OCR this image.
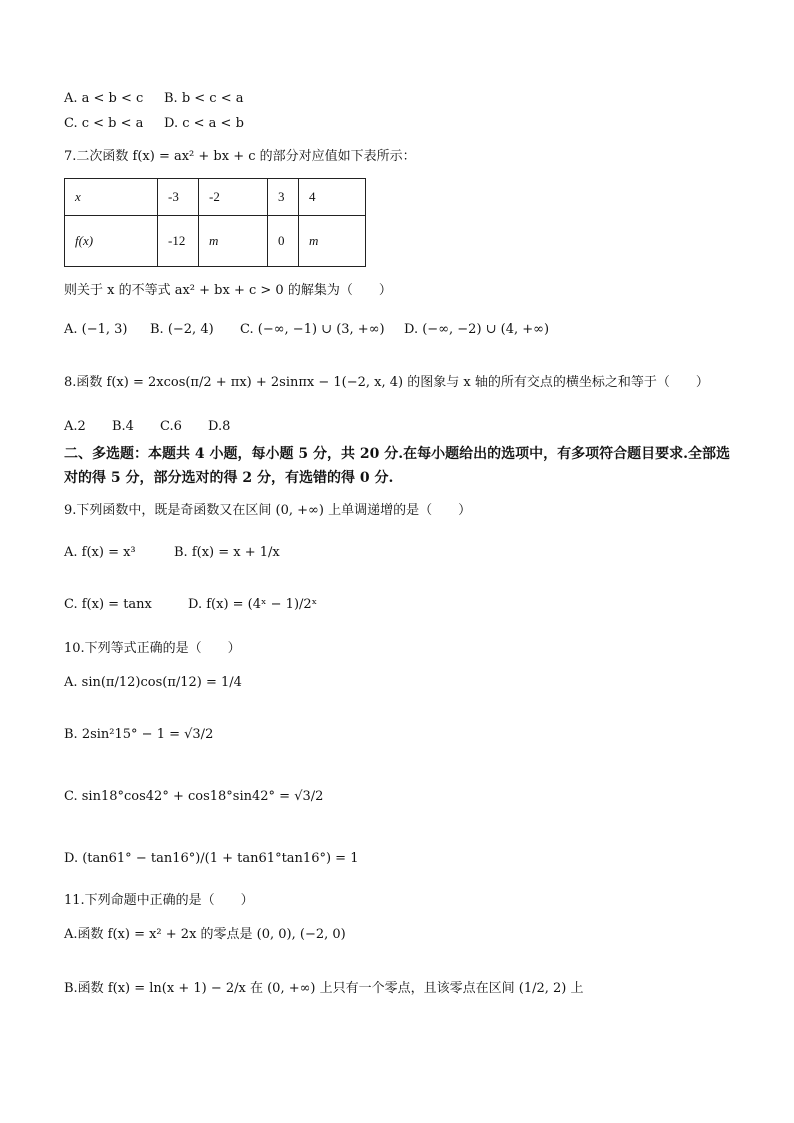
A. a < b < c B. b < c < a
C. c < b < a D. c < a < b
7.二次函数 f(x) = ax² + bx + c 的部分对应值如下表所示：
x	-3	-2	3	4
f(x)	-12	m	0	m
则关于 x 的不等式 ax² + bx + c > 0 的解集为（　　）
A. (−1, 3) B. (−2, 4) C. (−∞, −1) ∪ (3, +∞) D. (−∞, −2) ∪ (4, +∞)
8.函数 f(x) = 2xcos(π/2 + πx) + 2sinπx − 1(−2, x, 4) 的图象与 x 轴的所有交点的横坐标之和等于（　　）
A.2 B.4 C.6 D.8
二、多选题：本题共 4 小题，每小题 5 分，共 20 分.在每小题给出的选项中，有多项符合题目要求.全部选对的得 5 分，部分选对的得 2 分，有选错的得 0 分.
9.下列函数中，既是奇函数又在区间 (0, +∞) 上单调递增的是（　　）
A. f(x) = x³	B. f(x) = x + 1/x
C. f(x) = tanx	D. f(x) = (4ˣ − 1)/2ˣ
10.下列等式正确的是（　　）
A. sin(π/12)cos(π/12) = 1/4
B. 2sin²15° − 1 = √3/2
C. sin18°cos42° + cos18°sin42° = √3/2
D. (tan61° − tan16°)/(1 + tan61°tan16°) = 1
11.下列命题中正确的是（　　）
A.函数 f(x) = x² + 2x 的零点是 (0, 0), (−2, 0)
B.函数 f(x) = ln(x + 1) − 2/x 在 (0, +∞) 上只有一个零点，且该零点在区间 (1/2, 2) 上
